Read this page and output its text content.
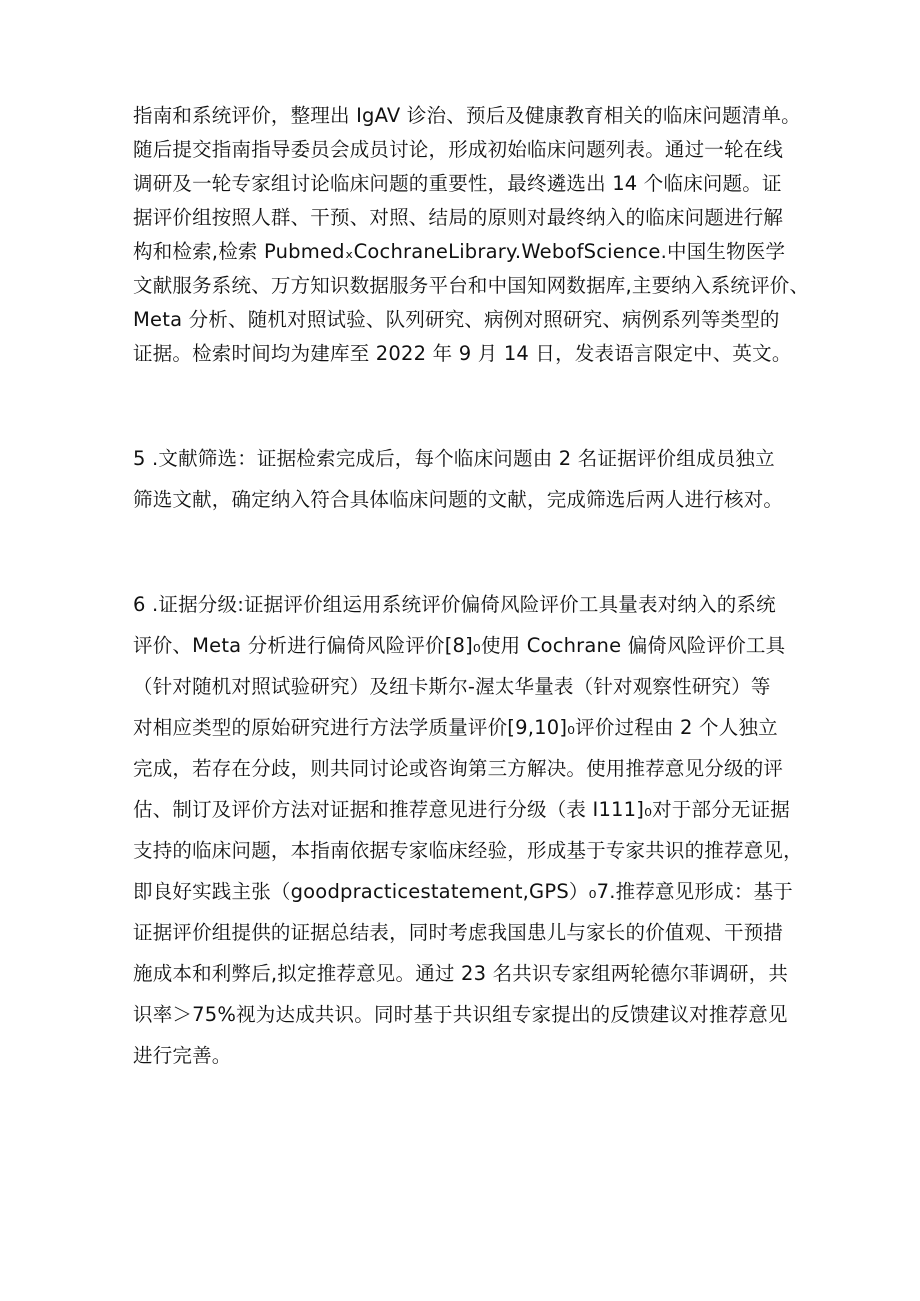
指南和系统评价，整理出 IgAV 诊治、预后及健康教育相关的临床问题清单。
随后提交指南指导委员会成员讨论，形成初始临床问题列表。通过一轮在线
调研及一轮专家组讨论临床问题的重要性，最终遴选出 14 个临床问题。证
据评价组按照人群、干预、对照、结局的原则对最终纳入的临床问题进行解
构和检索,检索 PubmedₓCochraneLibrary.WebofScience.中国生物医学
文献服务系统、万方知识数据服务平台和中国知网数据库,主要纳入系统评价、
Meta 分析、随机对照试验、队列研究、病例对照研究、病例系列等类型的
证据。检索时间均为建库至 2022 年 9 月 14 日，发表语言限定中、英文。
5 .文献筛选：证据检索完成后，每个临床问题由 2 名证据评价组成员独立
筛选文献，确定纳入符合具体临床问题的文献，完成筛选后两人进行核对。
6 .证据分级:证据评价组运用系统评价偏倚风险评价工具量表对纳入的系统
评价、Meta 分析进行偏倚风险评价[8]₀使用 Cochrane 偏倚风险评价工具
（针对随机对照试验研究）及纽卡斯尔-渥太华量表（针对观察性研究）等
对相应类型的原始研究进行方法学质量评价[9,10]₀评价过程由 2 个人独立
完成，若存在分歧，则共同讨论或咨询第三方解决。使用推荐意见分级的评
估、制订及评价方法对证据和推荐意见进行分级（表 I111]₀对于部分无证据
支持的临床问题，本指南依据专家临床经验，形成基于专家共识的推荐意见，
即良好实践主张（goodpracticestatement,GPS）₀7.推荐意见形成：基于
证据评价组提供的证据总结表，同时考虑我国患儿与家长的价值观、干预措
施成本和利弊后,拟定推荐意见。通过 23 名共识专家组两轮德尔菲调研，共
识率＞75%视为达成共识。同时基于共识组专家提出的反馈建议对推荐意见
进行完善。
